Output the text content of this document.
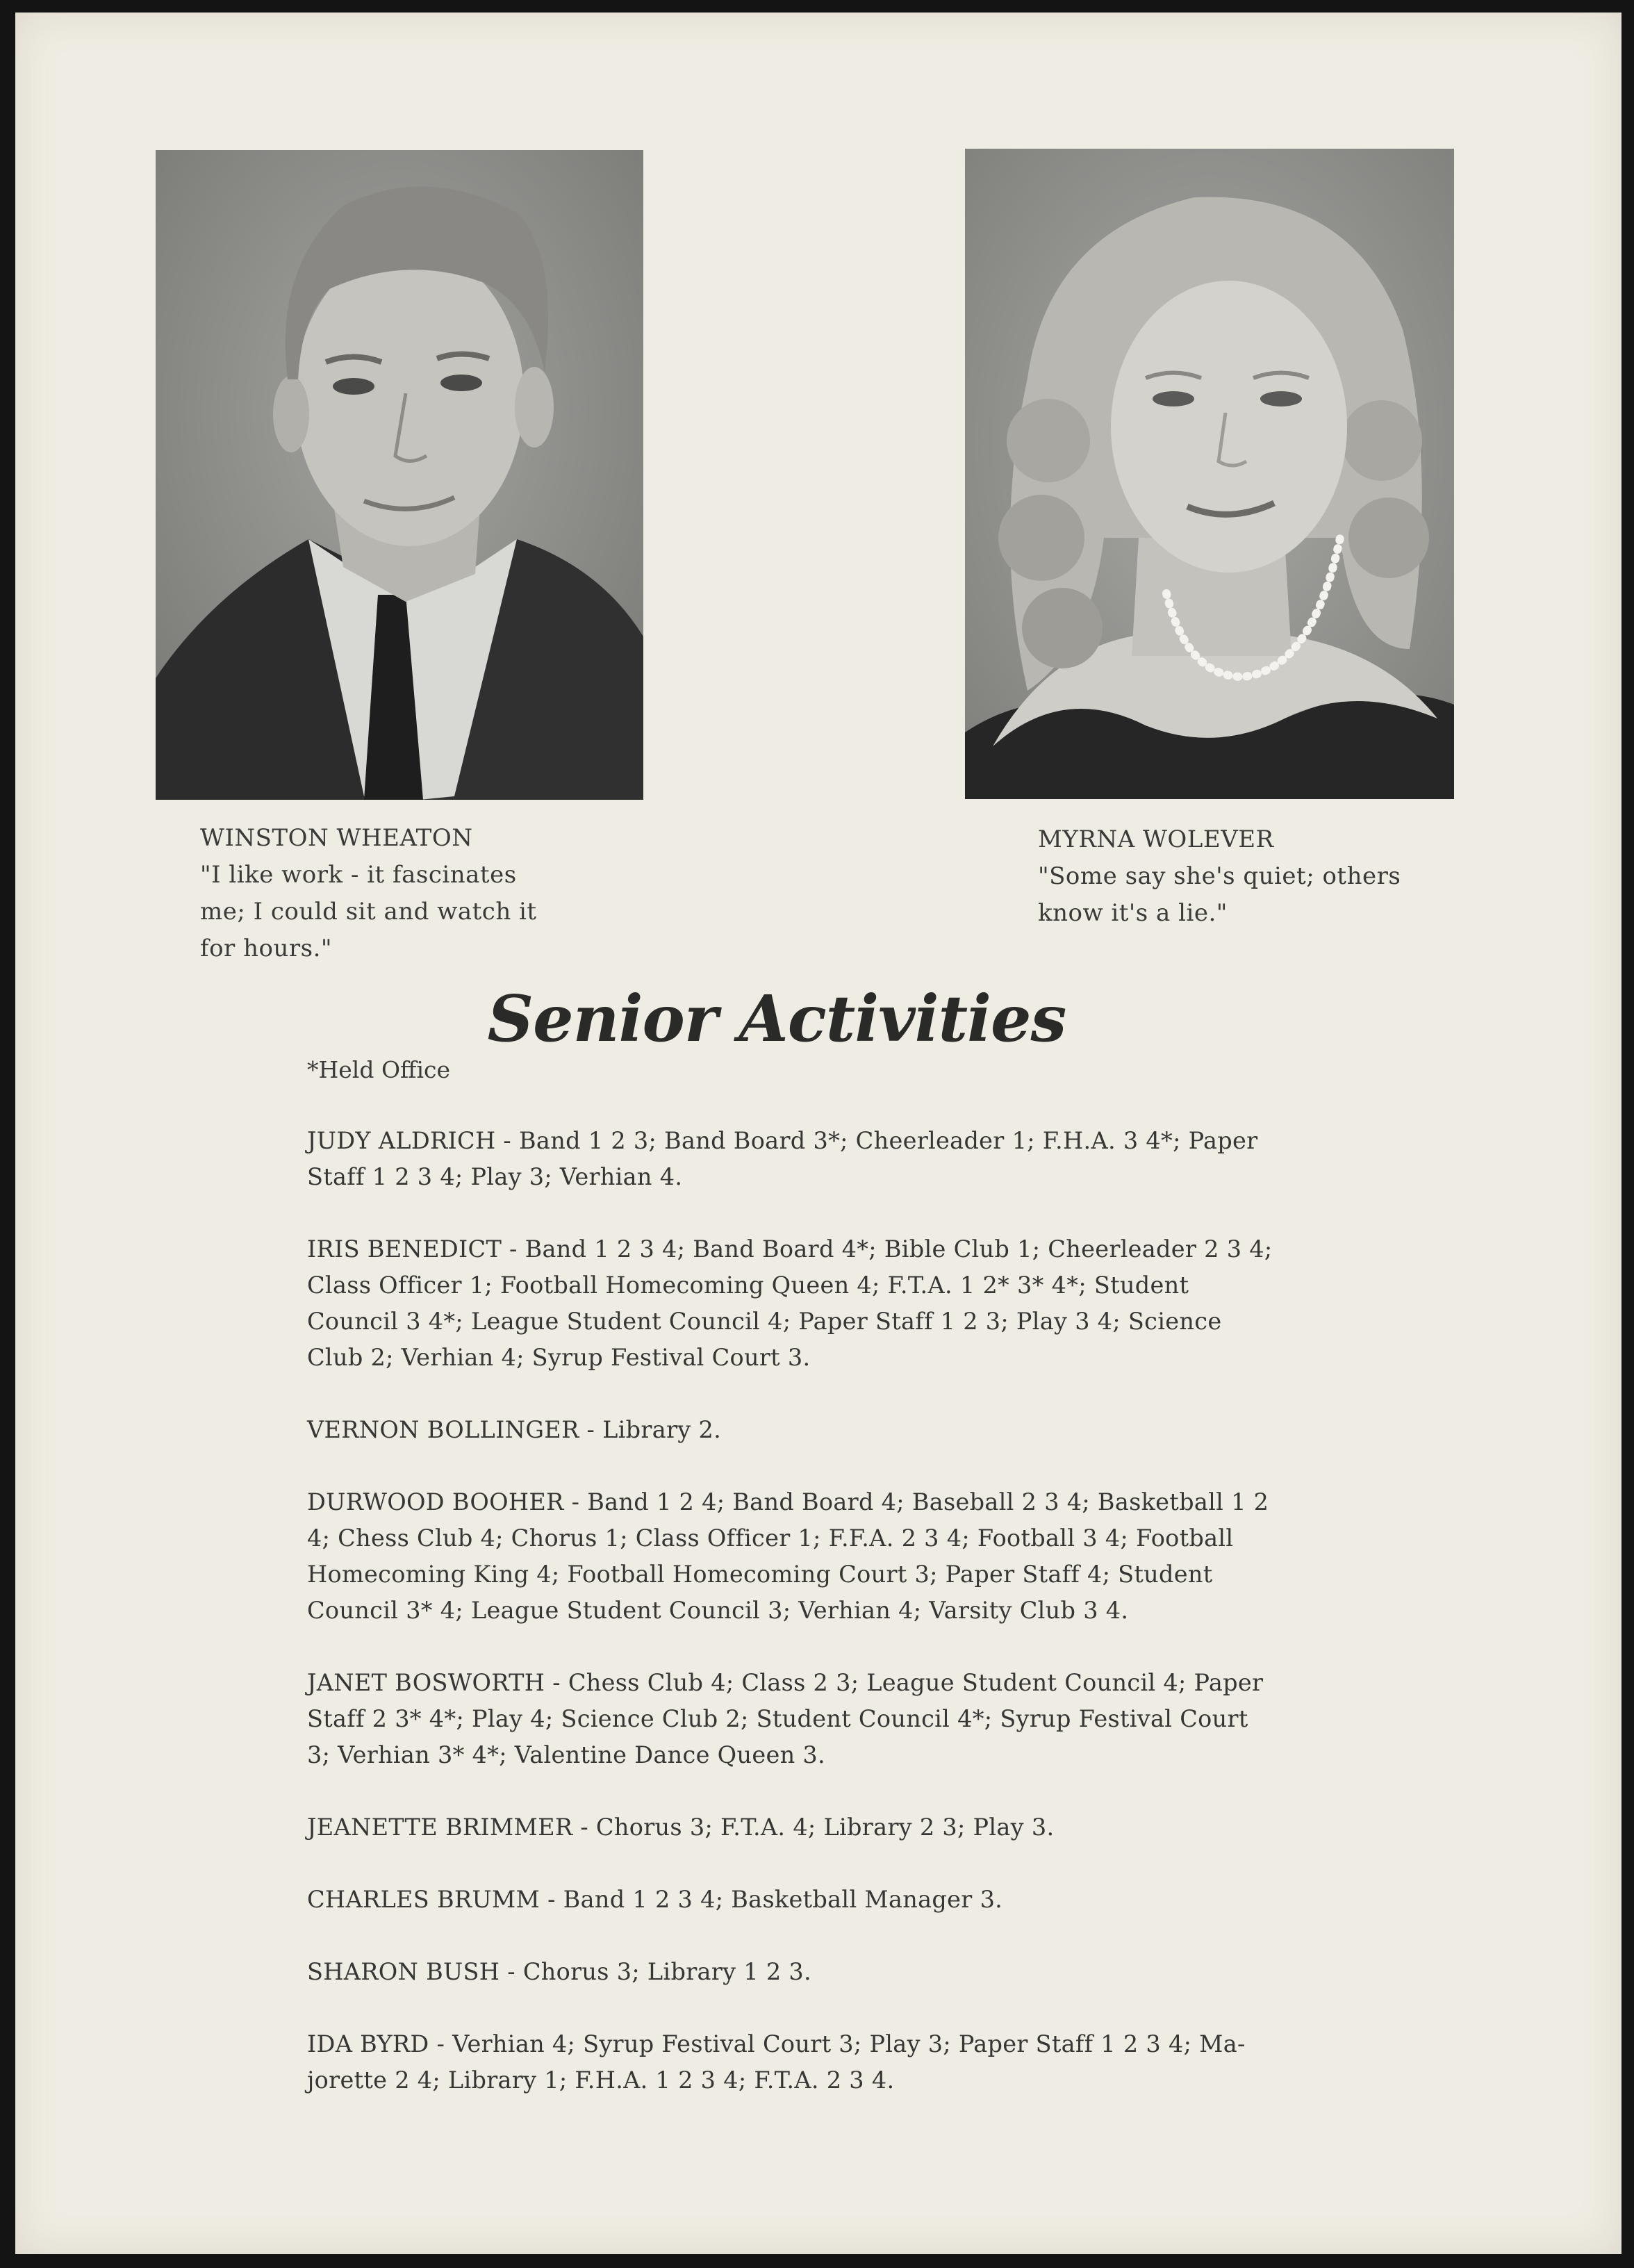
WINSTON WHEATON
"I like work - it fascinates
me; I could sit and watch it
for hours."
MYRNA WOLEVER
"Some say she's quiet; others
know it's a lie."
Senior Activities
*Held Office
JUDY ALDRICH - Band 1 2 3; Band Board 3*; Cheerleader 1; F.H.A. 3 4*; Paper
Staff 1 2 3 4; Play 3; Verhian 4.
IRIS BENEDICT - Band 1 2 3 4; Band Board 4*; Bible Club 1; Cheerleader 2 3 4;
Class Officer 1; Football Homecoming Queen 4; F.T.A. 1 2* 3* 4*; Student
Council 3 4*; League Student Council 4; Paper Staff 1 2 3; Play 3 4; Science
Club 2; Verhian 4; Syrup Festival Court 3.
VERNON BOLLINGER - Library 2.
DURWOOD BOOHER - Band 1 2 4; Band Board 4; Baseball 2 3 4; Basketball 1 2
4; Chess Club 4; Chorus 1; Class Officer 1; F.F.A. 2 3 4; Football 3 4; Football
Homecoming King 4; Football Homecoming Court 3; Paper Staff 4; Student
Council 3* 4; League Student Council 3; Verhian 4; Varsity Club 3 4.
JANET BOSWORTH - Chess Club 4; Class 2 3; League Student Council 4; Paper
Staff 2 3* 4*; Play 4; Science Club 2; Student Council 4*; Syrup Festival Court
3; Verhian 3* 4*; Valentine Dance Queen 3.
JEANETTE BRIMMER - Chorus 3; F.T.A. 4; Library 2 3; Play 3.
CHARLES BRUMM - Band 1 2 3 4; Basketball Manager 3.
SHARON BUSH - Chorus 3; Library 1 2 3.
IDA BYRD - Verhian 4; Syrup Festival Court 3; Play 3; Paper Staff 1 2 3 4; Ma-
jorette 2 4; Library 1; F.H.A. 1 2 3 4; F.T.A. 2 3 4.
